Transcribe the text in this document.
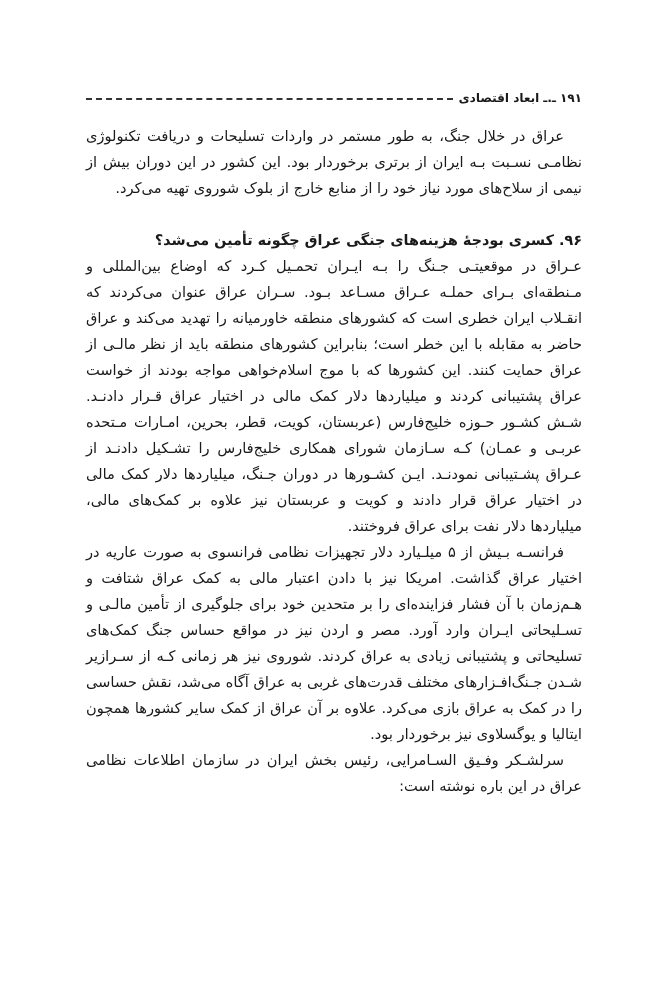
۱۹۱
ـ.ـ
ابعاد اقتصادی

عراق در خلال جنگ، به طور مستمر در واردات تسلیحات و دریافت تکنولوژی نظامـی نسـبت بـه ایران از برتری برخوردار بود. این کشور در این دوران بیش از نیمی از سلاح‌های مورد نیاز خود را از منابع خارج از بلوک شوروی تهیه می‌کرد.

۹۶. کسری بودجهٔ هزینه‌های جنگی عراق چگونه تأمین می‌شد؟

عـراق در موقعیتـی جـنگ را بـه ایـران تحمـیل کـرد که اوضاع بین‌المللی و مـنطقه‌ای بـرای حملـه عـراق مسـاعد بـود. سـران عراق عنوان می‌کردند که انقـلاب ایران خطری است که کشورهای منطقه خاورمیانه را تهدید می‌کند و عراق حاضر به مقابله با این خطر است؛ بنابراین کشورهای منطقه باید از نظر مالـی از عراق حمایت کنند. این کشورها که با موج اسلام‌خواهی مواجه بودند از خواست عراق پشتیبانی کردند و میلیاردها دلار کمک مالی در اختیار عراق قـرار دادنـد. شـش کشـور حـوزه خلیج‌فارس (عربستان، کویت، قطر، بحرین، امـارات مـتحده عربـی و عمـان) کـه سـازمان شورای همکاری خلیج‌فارس را تشـکیل دادنـد از عـراق پشـتیبانی نمودنـد. ایـن کشـورها در دوران جـنگ، میلیاردها دلار کمک مالی در اختیار عراق قرار دادند و کویت و عربستان نیز علاوه بر کمک‌های مالی، میلیاردها دلار نفت برای عراق فروختند.

فرانسـه بـیش از ۵ میلـیارد دلار تجهیزات نظامی فرانسوی به صورت عاریه در اختیار عراق گذاشت. امریکا نیز با دادن اعتبار مالی به کمک عراق شتافت و هـم‌زمان با آن فشار فزاینده‌ای را بر متحدین خود برای جلوگیری از تأمین مالـی و تسـلیحاتی ایـران وارد آورد. مصر و اردن نیز در مواقع حساس جنگ کمک‌های تسلیحاتی و پشتیبانی زیادی به عراق کردند. شوروی نیز هر زمانی کـه از سـرازیر شـدن جـنگ‌افـزارهای مختلف قدرت‌های غربی به عراق آگاه می‌شد، نقش حساسی را در کمک به عراق بازی می‌کرد. علاوه بر آن عراق از کمک سایر کشورها همچون ایتالیا و یوگسلاوی نیز برخوردار بود.

سرلشـکر وفـیق السـامرایی، رئیس بخش ایران در سازمان اطلاعات نظامی عراق در این باره نوشته است:
